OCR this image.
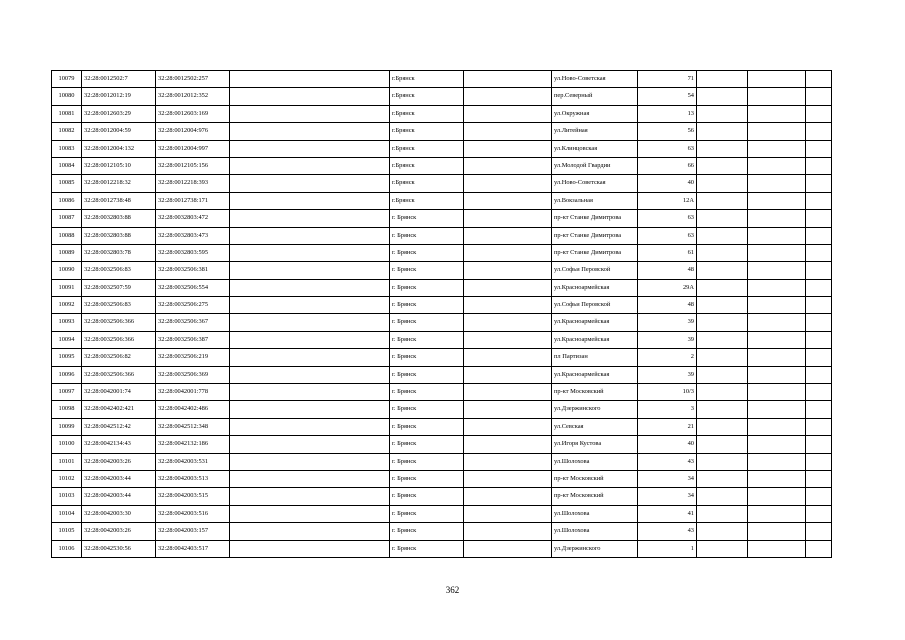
10079	32:28:0012502:7	32:28:0012502:257		г.Брянск		ул.Ново-Советская	71			
10080	32:28:0012012:19	32:28:0012012:352		г.Брянск		пер.Северный	54			
10081	32:28:0012603:29	32:28:0012603:169		г.Брянск		ул.Окружная	13			
10082	32:28:0012004:59	32:28:0012004:976		г.Брянск		ул.Литейная	56			
10083	32:28:0012004:132	32:28:0012004:997		г.Брянск		ул.Клинцовская	63			
10084	32:28:0012105:10	32:28:0012105:156		г.Брянск		ул.Молодой Гвардии	66			
10085	32:28:0012218:32	32:28:0012218:393		г.Брянск		ул.Ново-Советская	40			
10086	32:28:0012738:48	32:28:0012738:171		г.Брянск		ул.Вокзальная	12А			
10087	32:28:0032803:88	32:28:0032803:472		г. Брянск		пр-кт Станке Димитрова	63			
10088	32:28:0032803:88	32:28:0032803:473		г. Брянск		пр-кт Станке Димитрова	63			
10089	32:28:0032803:78	32:28:0032803:595		г. Брянск		пр-кт Станке Димитрова	61			
10090	32:28:0032506:83	32:28:0032506:381		г. Брянск		ул.Софьи Перовской	48			
10091	32:28:0032507:59	32:28:0032506:554		г. Брянск		ул.Красноармейская	29А			
10092	32:28:0032506:83	32:28:0032506:275		г. Брянск		ул.Софьи Перовской	48			
10093	32:28:0032506:366	32:28:0032506:367		г. Брянск		ул.Красноармейская	39			
10094	32:28:0032506:366	32:28:0032506:387		г. Брянск		ул.Красноармейская	39			
10095	32:28:0032506:82	32:28:0032506:219		г. Брянск		пл Партизан	2			
10096	32:28:0032506:366	32:28:0032506:369		г. Брянск		ул.Красноармейская	39			
10097	32:28:0042001:74	32:28:0042001:778		г. Брянск		пр-кт Московский	10/3			
10098	32:28:0042402:421	32:28:0042402:486		г. Брянск		ул.Дзержинского	3			
10099	32:28:0042512:42	32:28:0042512:348		г. Брянск		ул.Севская	21			
10100	32:28:0042134:43	32:28:0042132:186		г. Брянск		ул.Игоря Кустова	40			
10101	32:28:0042003:26	32:28:0042003:531		г. Брянск		ул.Шолохова	43			
10102	32:28:0042003:44	32:28:0042003:513		г. Брянск		пр-кт Московский	34			
10103	32:28:0042003:44	32:28:0042003:515		г. Брянск		пр-кт Московский	34			
10104	32:28:0042003:30	32:28:0042003:516		г. Брянск		ул.Шолохова	41			
10105	32:28:0042003:26	32:28:0042003:157		г. Брянск		ул.Шолохова	43			
10106	32:28:0042530:56	32:28:0042403:517		г. Брянск		ул.Дзержинского	1			
362
